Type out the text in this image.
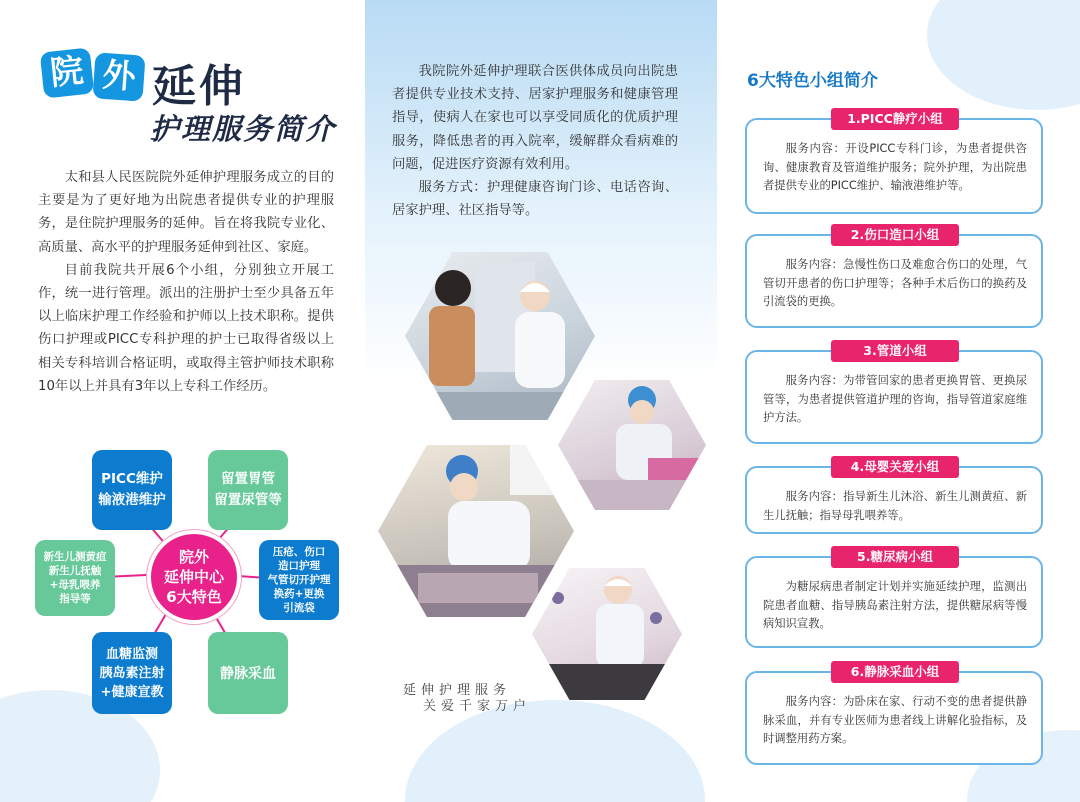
院 外 延伸
护理服务简介

太和县人民医院院外延伸护理服务成立的目的主要是为了更好地为出院患者提供专业的护理服务，是住院护理服务的延伸。旨在将我院专业化、高质量、高水平的护理服务延伸到社区、家庭。

目前我院共开展6个小组，分别独立开展工作，统一进行管理。派出的注册护士至少具备五年以上临床护理工作经验和护师以上技术职称。提供伤口护理或PICC专科护理的护士已取得省级以上相关专科培训合格证明，或取得主管护师技术职称10年以上并具有3年以上专科工作经历。

PICC维护
输液港维护
留置胃管
留置尿管等
新生儿测黄疸
新生儿抚触
+母乳喂养
指导等
压疮、伤口
造口护理
气管切开护理
换药+更换
引流袋
血糖监测
胰岛素注射
+健康宣教
静脉采血
院外
延伸中心
6大特色

我院院外延伸护理联合医供体成员向出院患者提供专业技术支持、居家护理服务和健康管理指导，使病人在家也可以享受同质化的优质护理服务，降低患者的再入院率，缓解群众看病难的问题，促进医疗资源有效利用。

服务方式：护理健康咨询门诊、电话咨询、居家护理、社区指导等。

延伸护理服务
关爱千家万户
6大特色小组简介
1.PICC静疗小组

服务内容：开设PICC专科门诊，为患者提供咨询、健康教育及管道维护服务；院外护理，为出院患者提供专业的PICC维护、输液港维护等。

2.伤口造口小组

服务内容：急慢性伤口及难愈合伤口的处理，气管切开患者的伤口护理等；各种手术后伤口的换药及引流袋的更换。

3.管道小组

服务内容：为带管回家的患者更换胃管、更换尿管等，为患者提供管道护理的咨询，指导管道家庭维护方法。

4.母婴关爱小组

服务内容：指导新生儿沐浴、新生儿测黄疸、新生儿抚触；指导母乳喂养等。

5.糖尿病小组

为糖尿病患者制定计划并实施延续护理，监测出院患者血糖、指导胰岛素注射方法，提供糖尿病等慢病知识宣教。

6.静脉采血小组

服务内容：为卧床在家、行动不变的患者提供静脉采血，并有专业医师为患者线上讲解化验指标，及时调整用药方案。
